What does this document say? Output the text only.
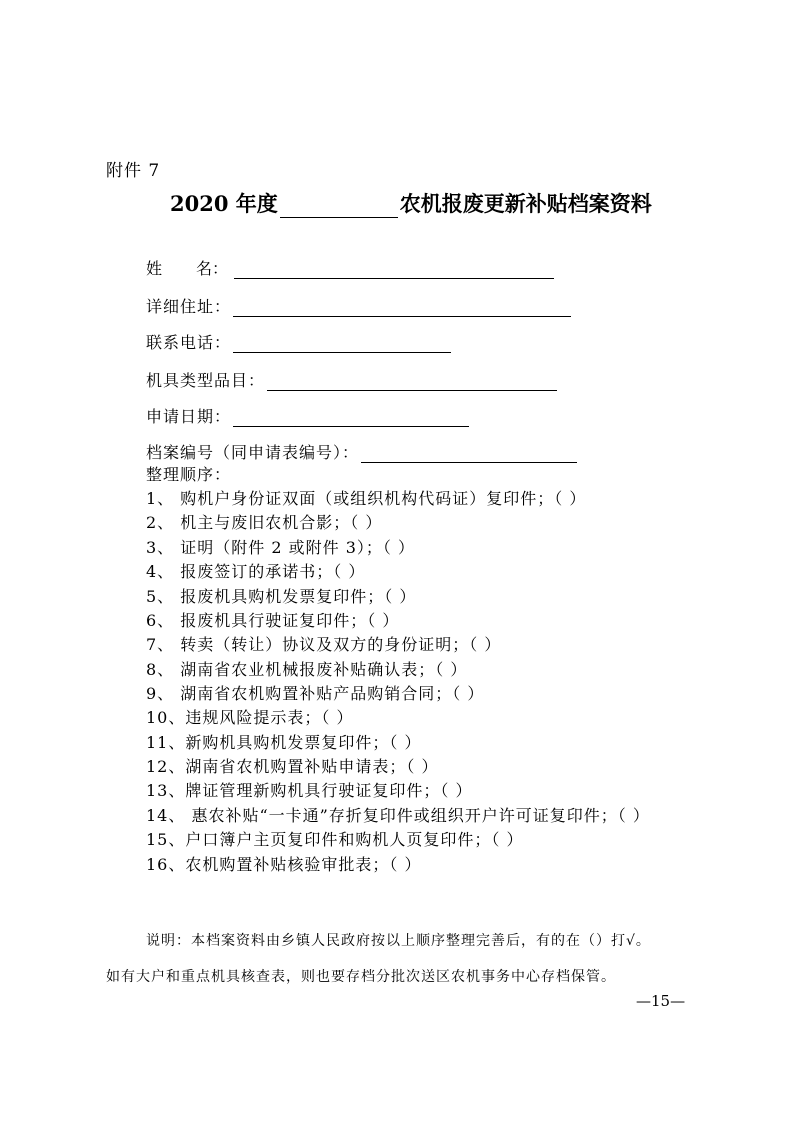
附件 7
2020 年度	农机报废更新补贴档案资料
姓 名：
详细住址：
联系电话：
机具类型品目：
申请日期：
档案编号（同申请表编号）：
整理顺序：
1、 购机户身份证双面（或组织机构代码证）复印件；（ ）
2、 机主与废旧农机合影；（ ）
3、 证明（附件 2 或附件 3）；（ ）
4、 报废签订的承诺书；（ ）
5、 报废机具购机发票复印件；（ ）
6、 报废机具行驶证复印件；（ ）
7、 转卖（转让）协议及双方的身份证明；（ ）
8、 湖南省农业机械报废补贴确认表；（ ）
9、 湖南省农机购置补贴产品购销合同；（ ）
10、违规风险提示表；（ ）
11、新购机具购机发票复印件；（ ）
12、湖南省农机购置补贴申请表；（ ）
13、牌证管理新购机具行驶证复印件；（ ）
14、 惠农补贴“一卡通”存折复印件或组织开户许可证复印件；（ ）
15、户口簿户主页复印件和购机人页复印件；（ ）
16、农机购置补贴核验审批表；（ ）
说明：本档案资料由乡镇人民政府按以上顺序整理完善后，有的在（）打√。
如有大户和重点机具核查表，则也要存档分批次送区农机事务中心存档保管。
—15—
